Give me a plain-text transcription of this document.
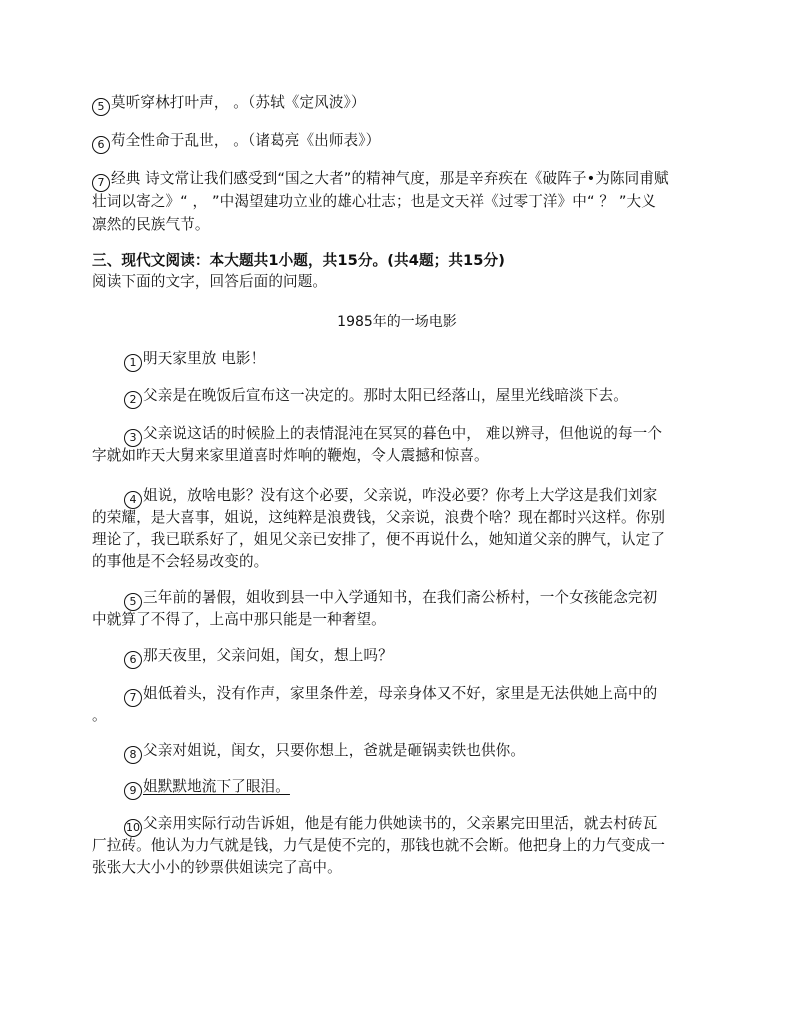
5 莫听穿林打叶声， 。（苏轼《定风波》）
6 苟全性命于乱世， 。（诸葛亮《出师表》）
7 经典 诗文常让我们感受到“国之大者”的精神气度，那是辛弃疾在《破阵子•为陈同甫赋
壮词以寄之》“ ， ”中渴望建功立业的雄心壮志；也是文天祥《过零丁洋》中“ ？ ”大义
凛然的民族气节。
三、现代文阅读：本大题共1小题，共15分。(共4题；共15分)
阅读下面的文字，回答后面的问题。
1985年的一场电影
1 明天家里放 电影！
2 父亲是在晚饭后宣布这一决定的。那时太阳已经落山，屋里光线暗淡下去。
3 父亲说这话的时候脸上的表情混沌在冥冥的暮色中， 难以辨寻，但他说的每一个
字就如昨天大舅来家里道喜时炸响的鞭炮，令人震撼和惊喜。
4 姐说，放啥电影？没有这个必要，父亲说，咋没必要？你考上大学这是我们刘家
的荣耀，是大喜事，姐说，这纯粹是浪费钱，父亲说，浪费个啥？现在都时兴这样。你别
理论了，我已联系好了，姐见父亲已安排了，便不再说什么，她知道父亲的脾气，认定了
的事他是不会轻易改变的。
5 三年前的暑假，姐收到县一中入学通知书，在我们斋公桥村，一个女孩能念完初
中就算了不得了，上高中那只能是一种奢望。
6 那天夜里，父亲问姐，闺女，想上吗？
7 姐低着头，没有作声，家里条件差，母亲身体又不好，家里是无法供她上高中的
。
8 父亲对姐说，闺女，只要你想上，爸就是砸锅卖铁也供你。
9 姐默默地流下了眼泪。
10 父亲用实际行动告诉姐，他是有能力供她读书的，父亲累完田里活，就去村砖瓦
厂拉砖。他认为力气就是钱，力气是使不完的，那钱也就不会断。他把身上的力气变成一
张张大大小小的钞票供姐读完了高中。
